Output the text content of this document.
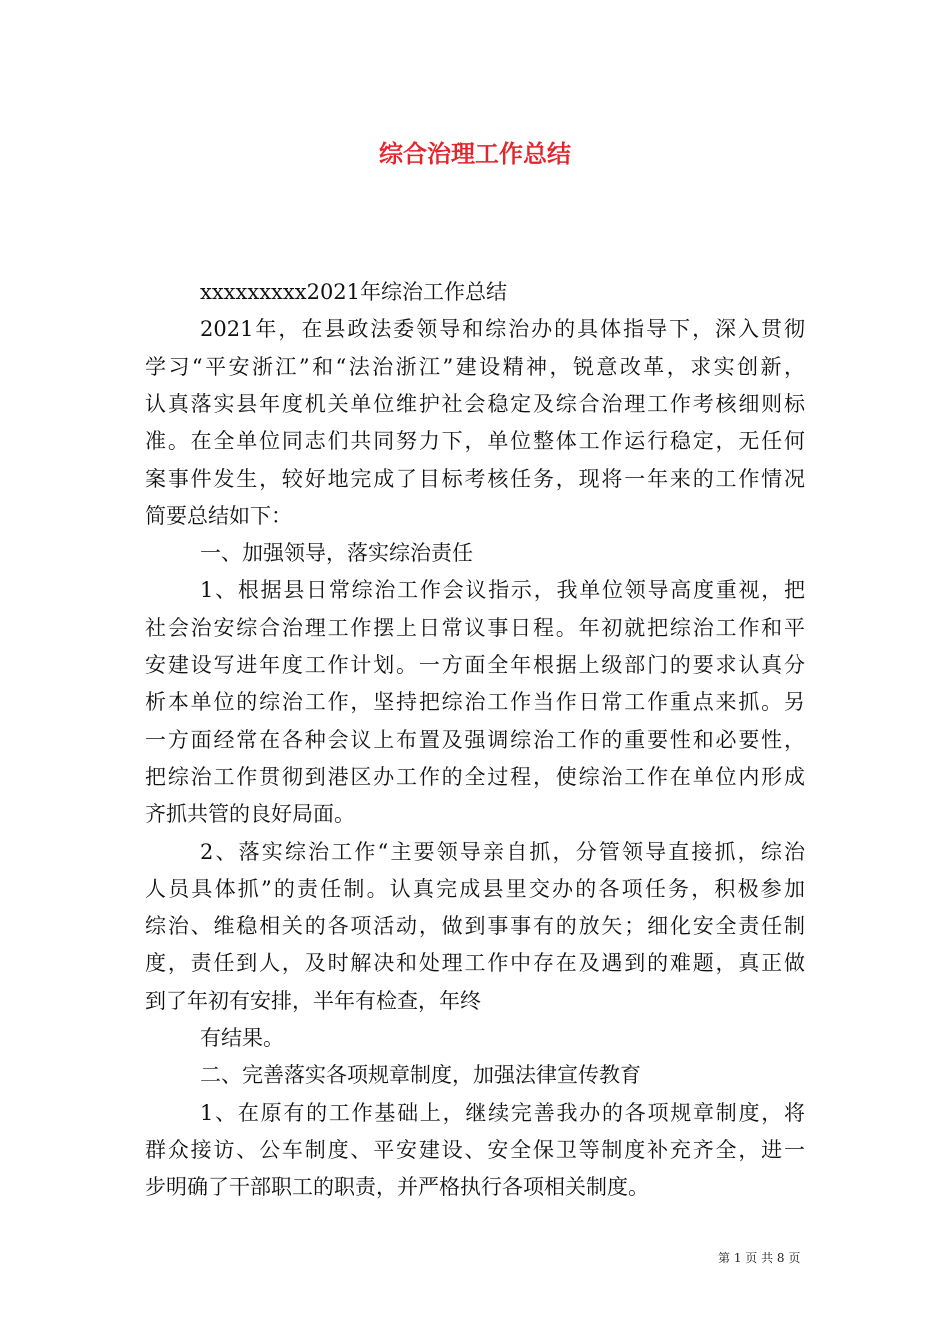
综合治理工作总结
xxxxxxxxx2021年综治工作总结
2021年，在县政法委领导和综治办的具体指导下，深入贯彻
学习“平安浙江”和“法治浙江”建设精神，锐意改革，求实创新，
认真落实县年度机关单位维护社会稳定及综合治理工作考核细则标
准。在全单位同志们共同努力下，单位整体工作运行稳定，无任何
案事件发生，较好地完成了目标考核任务，现将一年来的工作情况
简要总结如下：
一、加强领导，落实综治责任
1、根据县日常综治工作会议指示，我单位领导高度重视，把
社会治安综合治理工作摆上日常议事日程。年初就把综治工作和平
安建设写进年度工作计划。一方面全年根据上级部门的要求认真分
析本单位的综治工作，坚持把综治工作当作日常工作重点来抓。另
一方面经常在各种会议上布置及强调综治工作的重要性和必要性，
把综治工作贯彻到港区办工作的全过程，使综治工作在单位内形成
齐抓共管的良好局面。
2、落实综治工作“主要领导亲自抓，分管领导直接抓，综治
人员具体抓”的责任制。认真完成县里交办的各项任务，积极参加
综治、维稳相关的各项活动，做到事事有的放矢；细化安全责任制
度，责任到人，及时解决和处理工作中存在及遇到的难题，真正做
到了年初有安排，半年有检查，年终
有结果。
二、完善落实各项规章制度，加强法律宣传教育
1、在原有的工作基础上，继续完善我办的各项规章制度，将
群众接访、公车制度、平安建设、安全保卫等制度补充齐全，进一
步明确了干部职工的职责，并严格执行各项相关制度。
第 1 页 共 8 页
